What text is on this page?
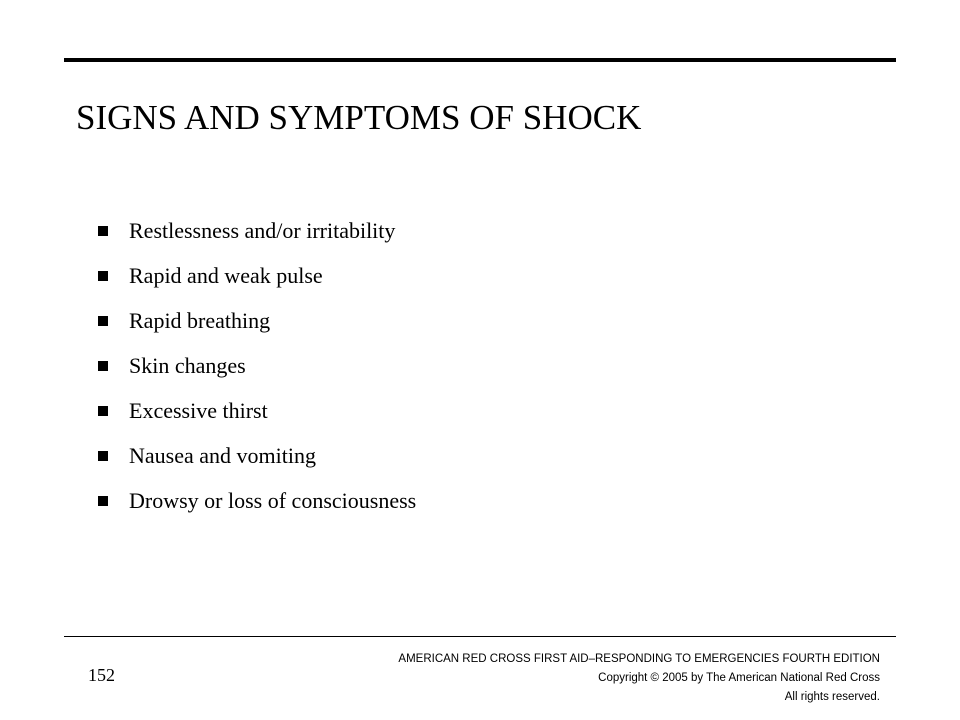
SIGNS AND SYMPTOMS OF SHOCK
Restlessness and/or irritability
Rapid and weak pulse
Rapid breathing
Skin changes
Excessive thirst
Nausea and vomiting
Drowsy or loss of consciousness
152
AMERICAN RED CROSS FIRST AID–RESPONDING TO EMERGENCIES FOURTH EDITION
Copyright © 2005 by The American National Red Cross
All rights reserved.
